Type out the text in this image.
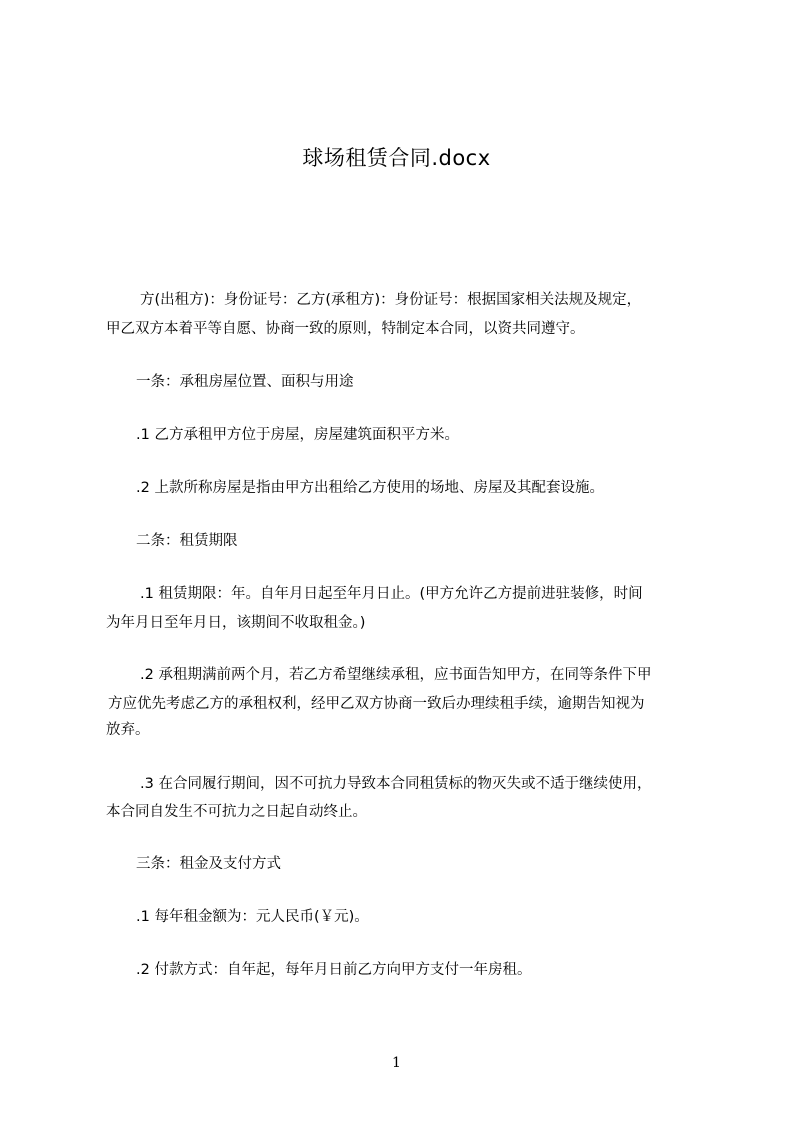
球场租赁合同.docx
方(出租方)：身份证号：乙方(承租方)：身份证号：根据国家相关法规及规定，
甲乙双方本着平等自愿、协商一致的原则，特制定本合同，以资共同遵守。
一条：承租房屋位置、面积与用途
.1 乙方承租甲方位于房屋，房屋建筑面积平方米。
.2 上款所称房屋是指由甲方出租给乙方使用的场地、房屋及其配套设施。
二条：租赁期限
.1 租赁期限：年。自年月日起至年月日止。(甲方允许乙方提前进驻装修，时间
为年月日至年月日，该期间不收取租金。)
.2 承租期满前两个月，若乙方希望继续承租，应书面告知甲方，在同等条件下甲
方应优先考虑乙方的承租权利，经甲乙双方协商一致后办理续租手续，逾期告知视为
放弃。
.3 在合同履行期间，因不可抗力导致本合同租赁标的物灭失或不适于继续使用，
本合同自发生不可抗力之日起自动终止。
三条：租金及支付方式
.1 每年租金额为：元人民币(￥元)。
.2 付款方式：自年起，每年月日前乙方向甲方支付一年房租。
1
